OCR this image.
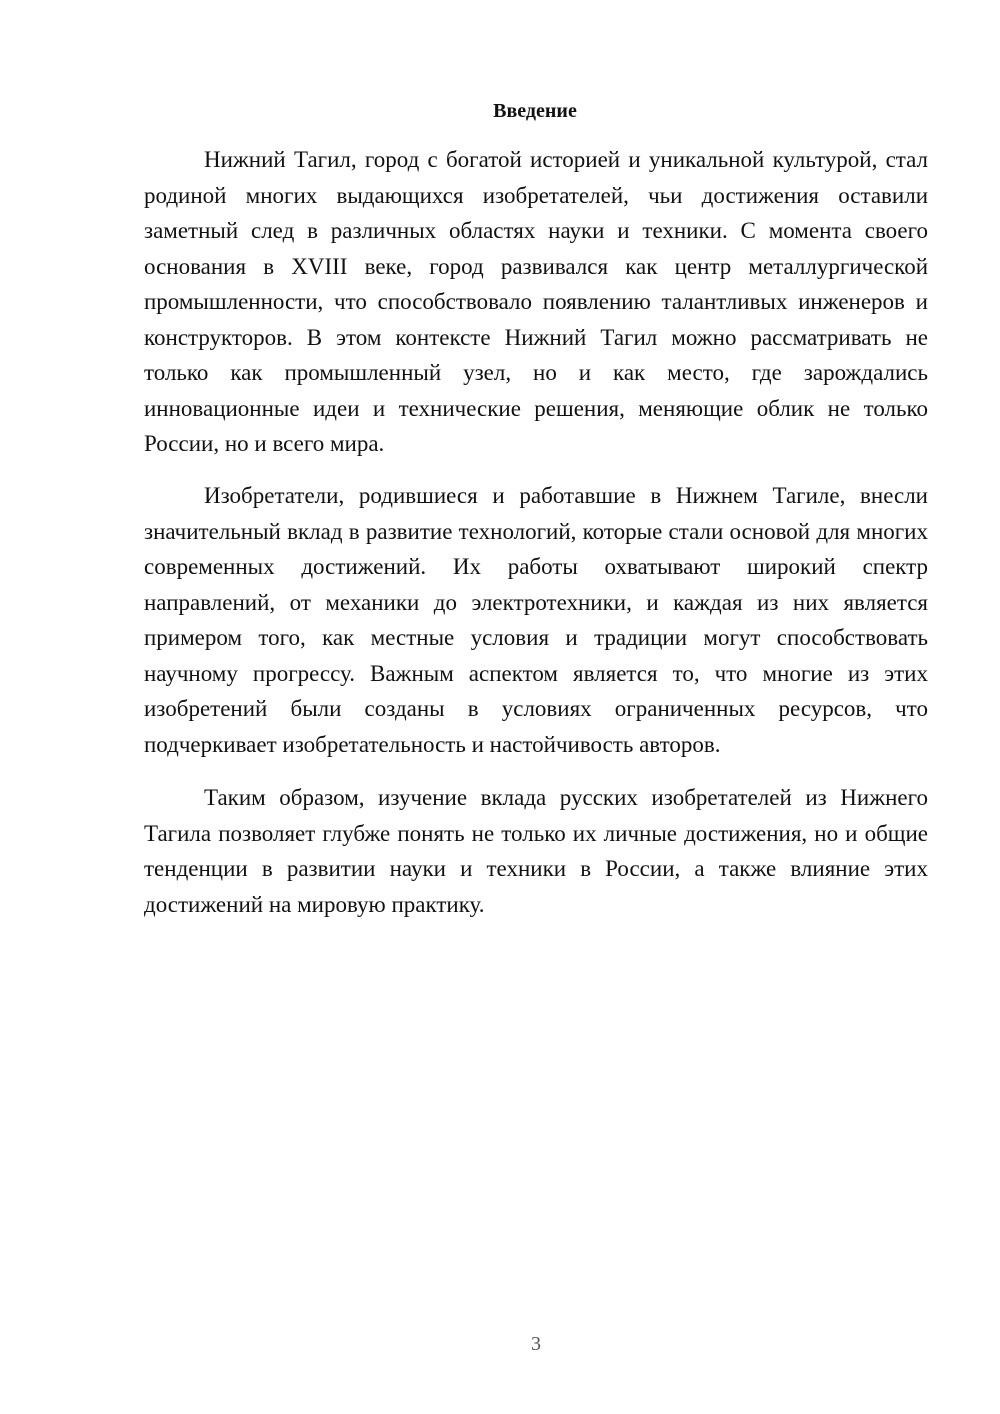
Введение

Нижний Тагил, город с богатой историей и уникальной культурой, стал родиной многих выдающихся изобретателей, чьи достижения оставили заметный след в различных областях науки и техники. С момента своего основания в XVIII веке, город развивался как центр металлургической промышленности, что способствовало появлению талантливых инженеров и конструкторов. В этом контексте Нижний Тагил можно рассматривать не только как промышленный узел, но и как место, где зарождались инновационные идеи и технические решения, меняющие облик не только России, но и всего мира.

Изобретатели, родившиеся и работавшие в Нижнем Тагиле, внесли значительный вклад в развитие технологий, которые стали основой для многих современных достижений. Их работы охватывают широкий спектр направлений, от механики до электротехники, и каждая из них является примером того, как местные условия и традиции могут способствовать научному прогрессу. Важным аспектом является то, что многие из этих изобретений были созданы в условиях ограниченных ресурсов, что подчеркивает изобретательность и настойчивость авторов.

Таким образом, изучение вклада русских изобретателей из Нижнего Тагила позволяет глубже понять не только их личные достижения, но и общие тенденции в развитии науки и техники в России, а также влияние этих достижений на мировую практику.

3
